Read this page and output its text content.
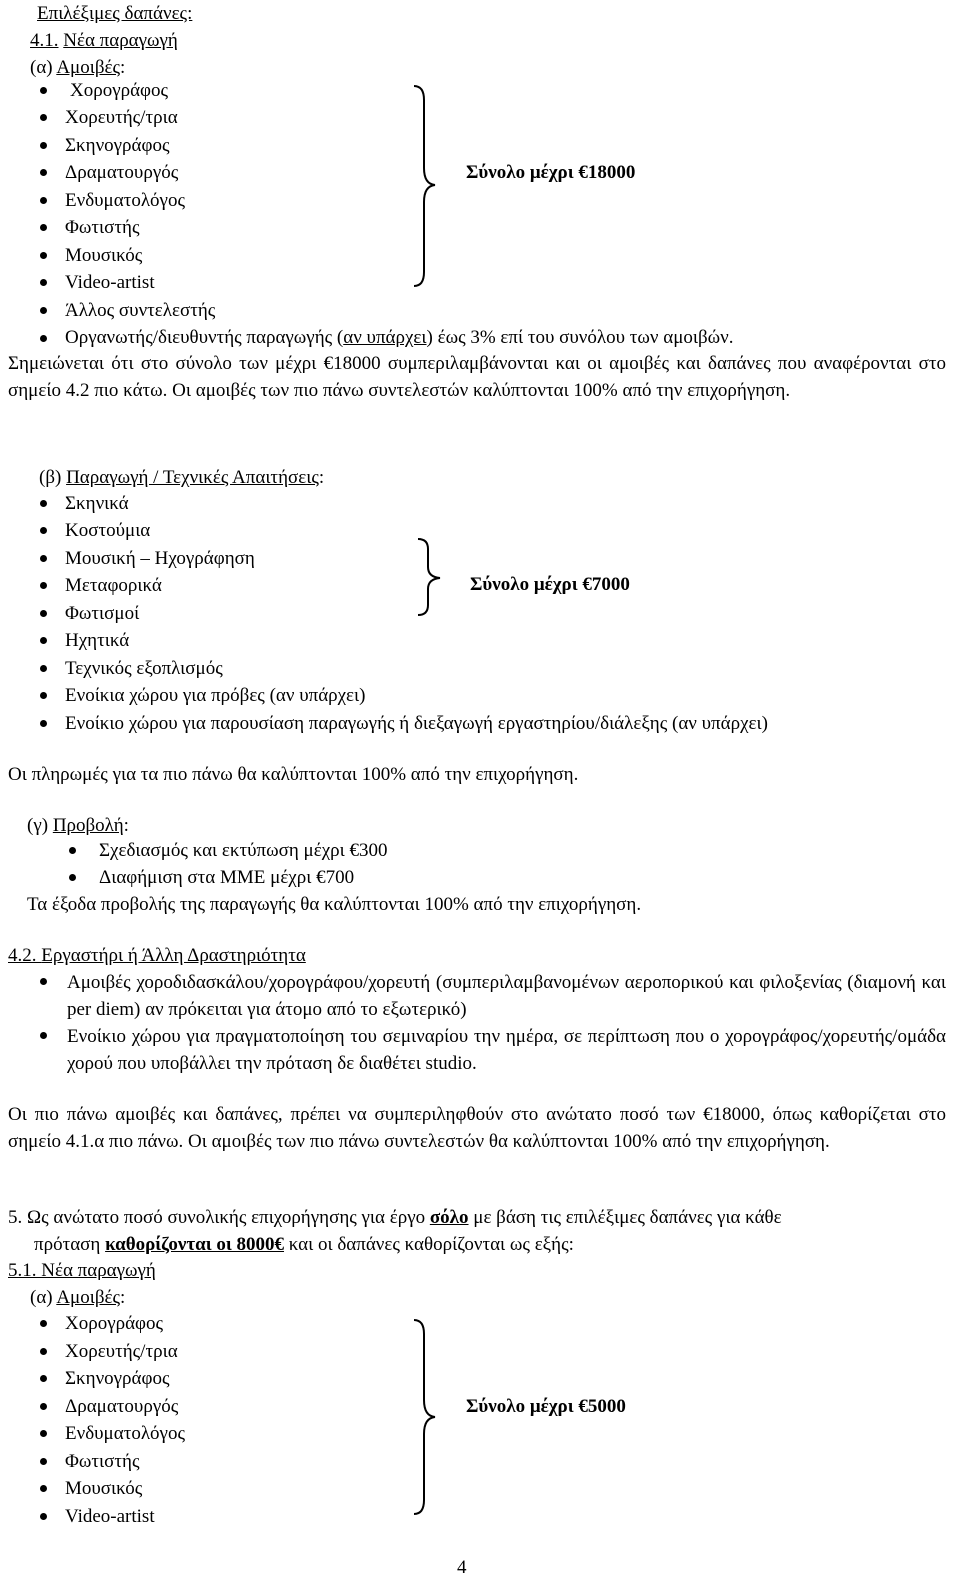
Επιλέξιμες δαπάνες:
4.1. Νέα παραγωγή
(α) Αμοιβές:
Χορογράφος
Χορευτής/τρια
Σκηνογράφος
Δραματουργός
Ενδυματολόγος
Φωτιστής
Μουσικός
Video-artist
Άλλος συντελεστής
Σύνολο μέχρι €18000
Οργανωτής/διευθυντής παραγωγής (αν υπάρχει) έως 3% επί του συνόλου των αμοιβών.
Σημειώνεται ότι στο σύνολο των μέχρι €18000 συμπεριλαμβάνονται και οι αμοιβές και δαπάνες που αναφέρονται στο σημείο 4.2 πιο κάτω. Οι αμοιβές των πιο πάνω συντελεστών καλύπτονται 100% από την επιχορήγηση.
(β) Παραγωγή / Τεχνικές Απαιτήσεις:
Σκηνικά
Κοστούμια
Μουσική – Ηχογράφηση
Μεταφορικά
Φωτισμοί
Ηχητικά
Τεχνικός εξοπλισμός
Ενοίκια χώρου για πρόβες (αν υπάρχει)
Ενοίκιο χώρου για παρουσίαση παραγωγής ή διεξαγωγή εργαστηρίου/διάλεξης (αν υπάρχει)
Σύνολο μέχρι €7000
Οι πληρωμές για τα πιο πάνω θα καλύπτονται 100% από την επιχορήγηση.
(γ) Προβολή:
Σχεδιασμός και εκτύπωση μέχρι €300
Διαφήμιση στα ΜΜΕ μέχρι €700
Τα έξοδα προβολής της παραγωγής θα καλύπτονται 100% από την επιχορήγηση.
4.2. Εργαστήρι ή Άλλη Δραστηριότητα
Αμοιβές χοροδιδασκάλου/χορογράφου/χορευτή (συμπεριλαμβανομένων αεροπορικού και φιλοξενίας (διαμονή και per diem) αν πρόκειται για άτομο από το εξωτερικό)
Ενοίκιο χώρου για πραγματοποίηση του σεμιναρίου την ημέρα, σε περίπτωση που ο χορογράφος/χορευτής/ομάδα χορού που υποβάλλει την πρόταση δε διαθέτει studio.
Οι πιο πάνω αμοιβές και δαπάνες, πρέπει να συμπεριληφθούν στο ανώτατο ποσό των €18000, όπως καθορίζεται στο σημείο 4.1.α πιο πάνω. Οι αμοιβές των πιο πάνω συντελεστών θα καλύπτονται 100% από την επιχορήγηση.
5. Ως ανώτατο ποσό συνολικής επιχορήγησης για έργο σόλο με βάση τις επιλέξιμες δαπάνες για κάθε
πρόταση καθορίζονται οι 8000€ και οι δαπάνες καθορίζονται ως εξής:
5.1. Νέα παραγωγή
(α) Αμοιβές:
Χορογράφος
Χορευτής/τρια
Σκηνογράφος
Δραματουργός
Ενδυματολόγος
Φωτιστής
Μουσικός
Video-artist
Σύνολο μέχρι €5000
4
